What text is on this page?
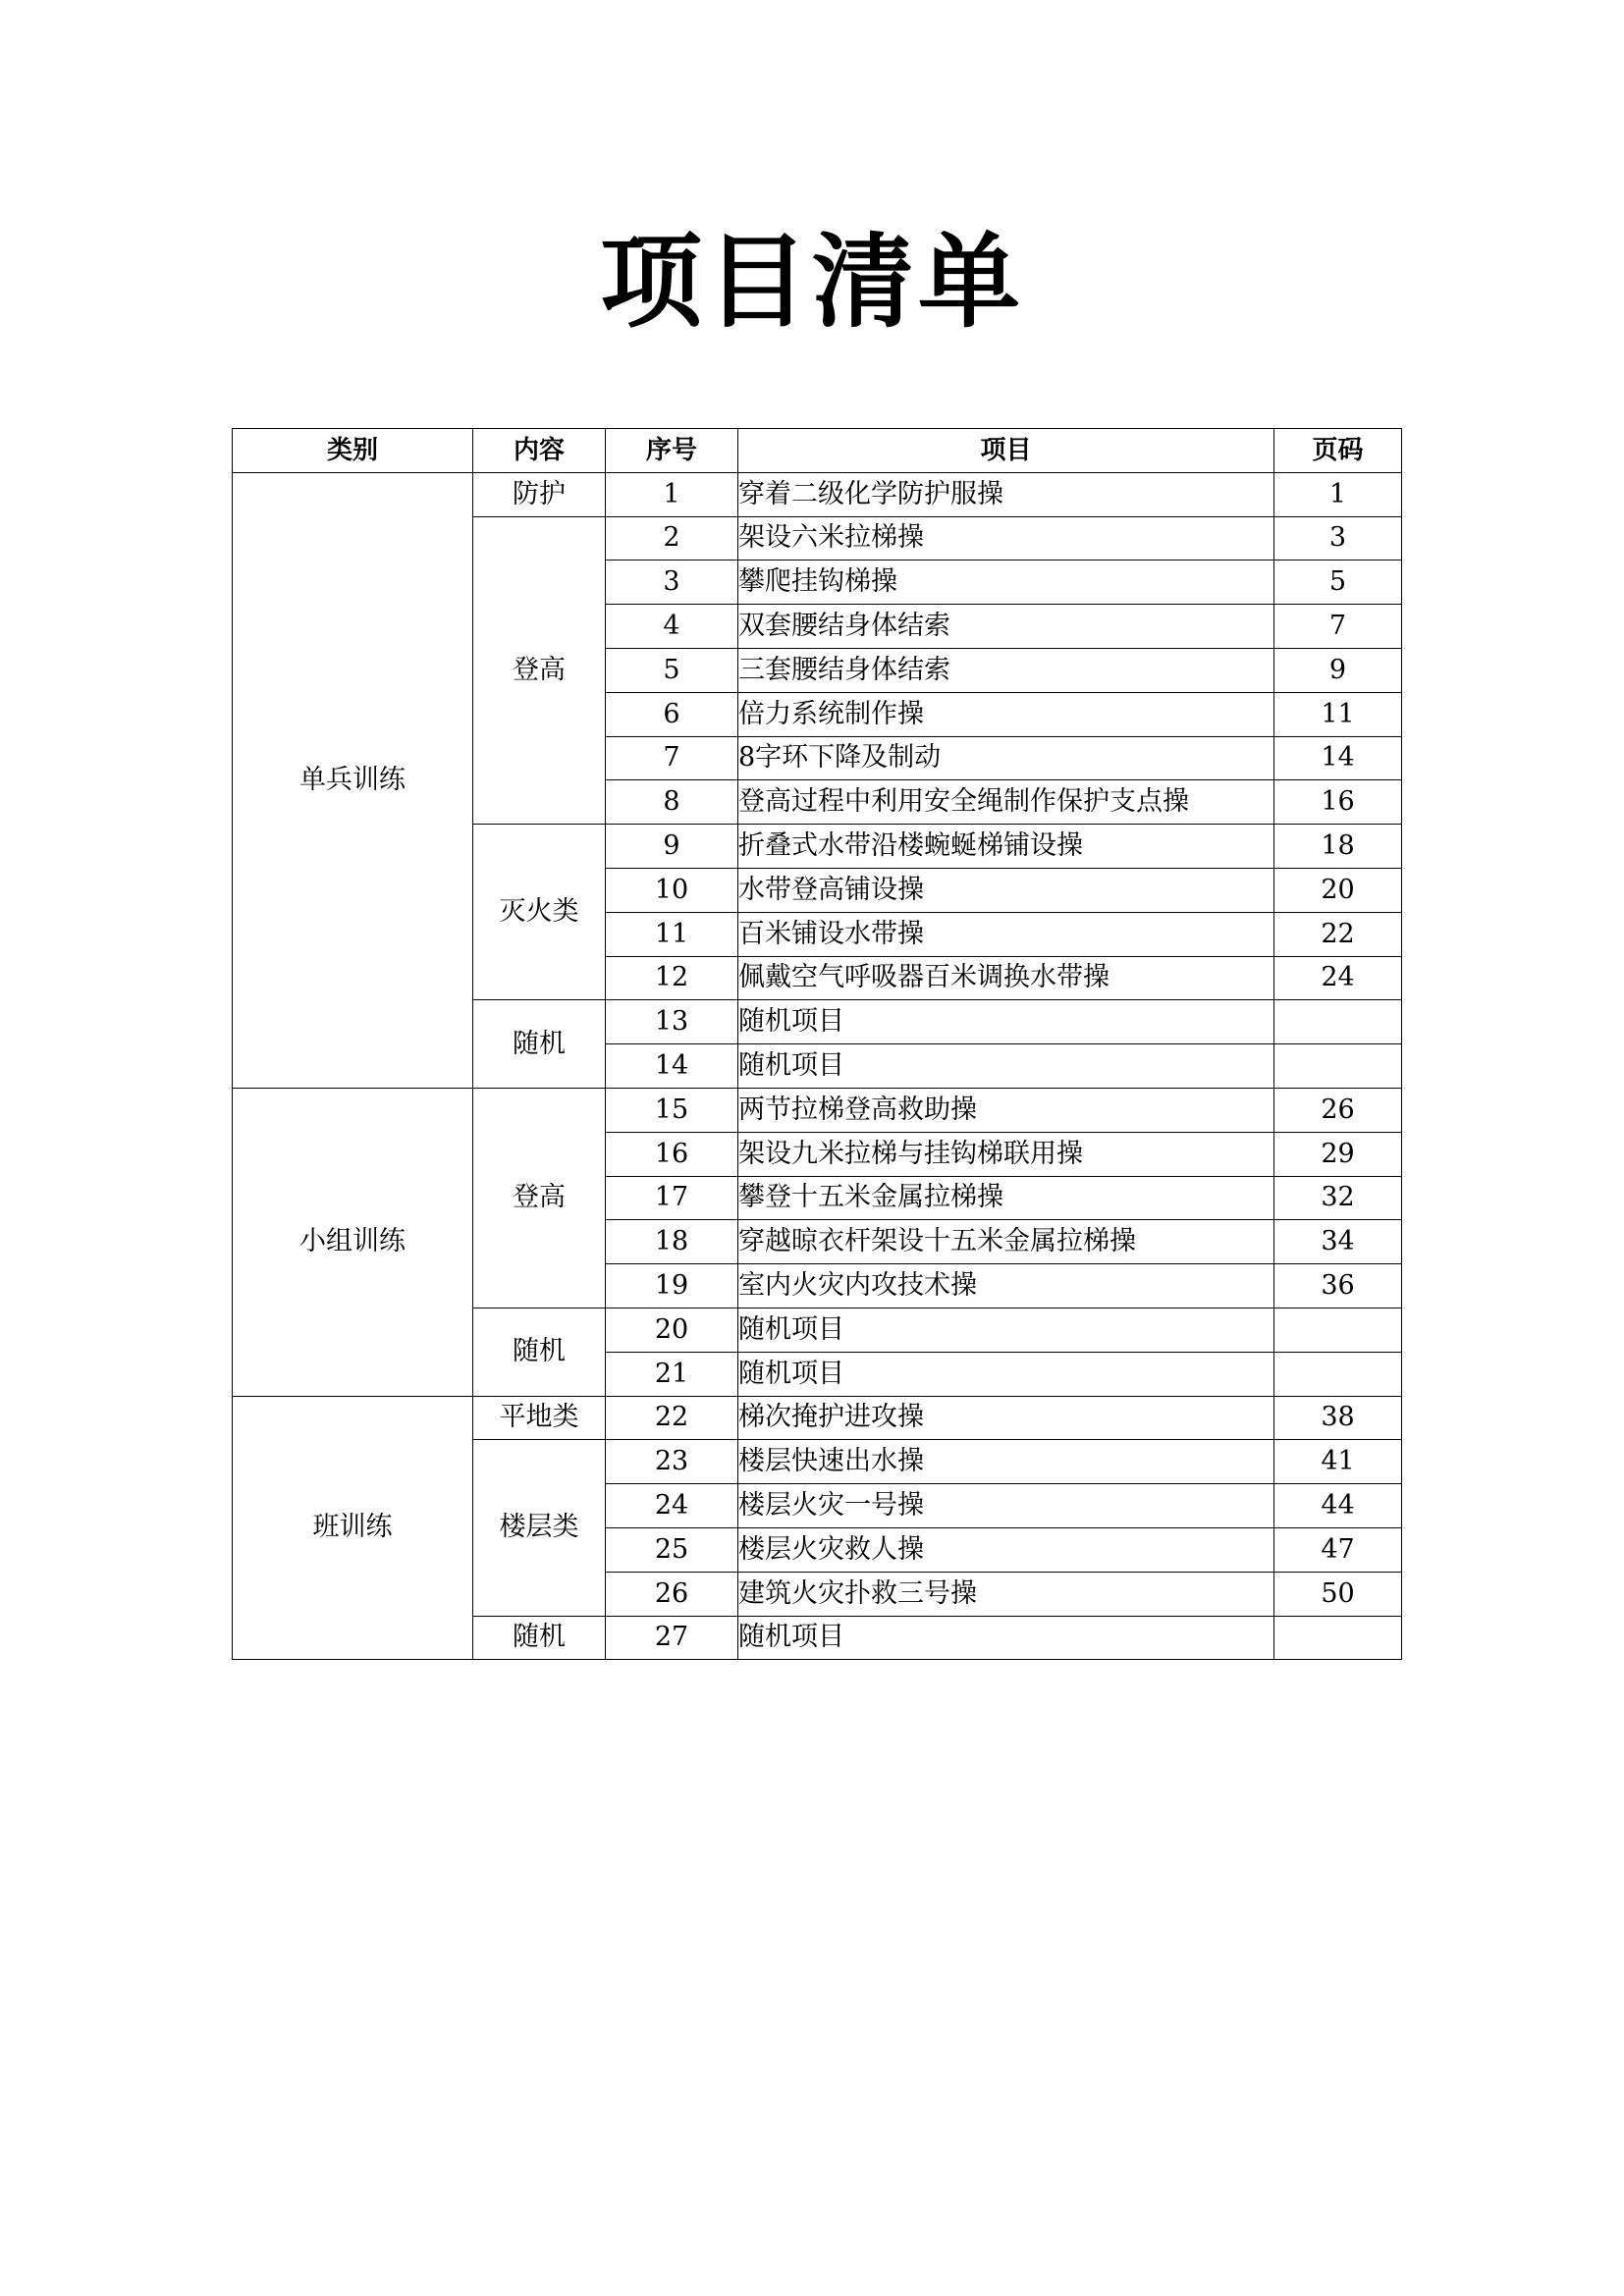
项目清单
类别	内容	序号	项目	页码
单兵训练	防护	1	穿着二级化学防护服操	1
	登高	2	架设六米拉梯操	3
		3	攀爬挂钩梯操	5
		4	双套腰结身体结索	7
		5	三套腰结身体结索	9
		6	倍力系统制作操	11
		7	8字环下降及制动	14
		8	登高过程中利用安全绳制作保护支点操	16
	灭火类	9	折叠式水带沿楼蜿蜒梯铺设操	18
		10	水带登高铺设操	20
		11	百米铺设水带操	22
		12	佩戴空气呼吸器百米调换水带操	24
	随机	13	随机项目	
		14	随机项目	
小组训练	登高	15	两节拉梯登高救助操	26
		16	架设九米拉梯与挂钩梯联用操	29
		17	攀登十五米金属拉梯操	32
		18	穿越晾衣杆架设十五米金属拉梯操	34
		19	室内火灾内攻技术操	36
	随机	20	随机项目	
		21	随机项目	
班训练	平地类	22	梯次掩护进攻操	38
	楼层类	23	楼层快速出水操	41
		24	楼层火灾一号操	44
		25	楼层火灾救人操	47
		26	建筑火灾扑救三号操	50
	随机	27	随机项目	
